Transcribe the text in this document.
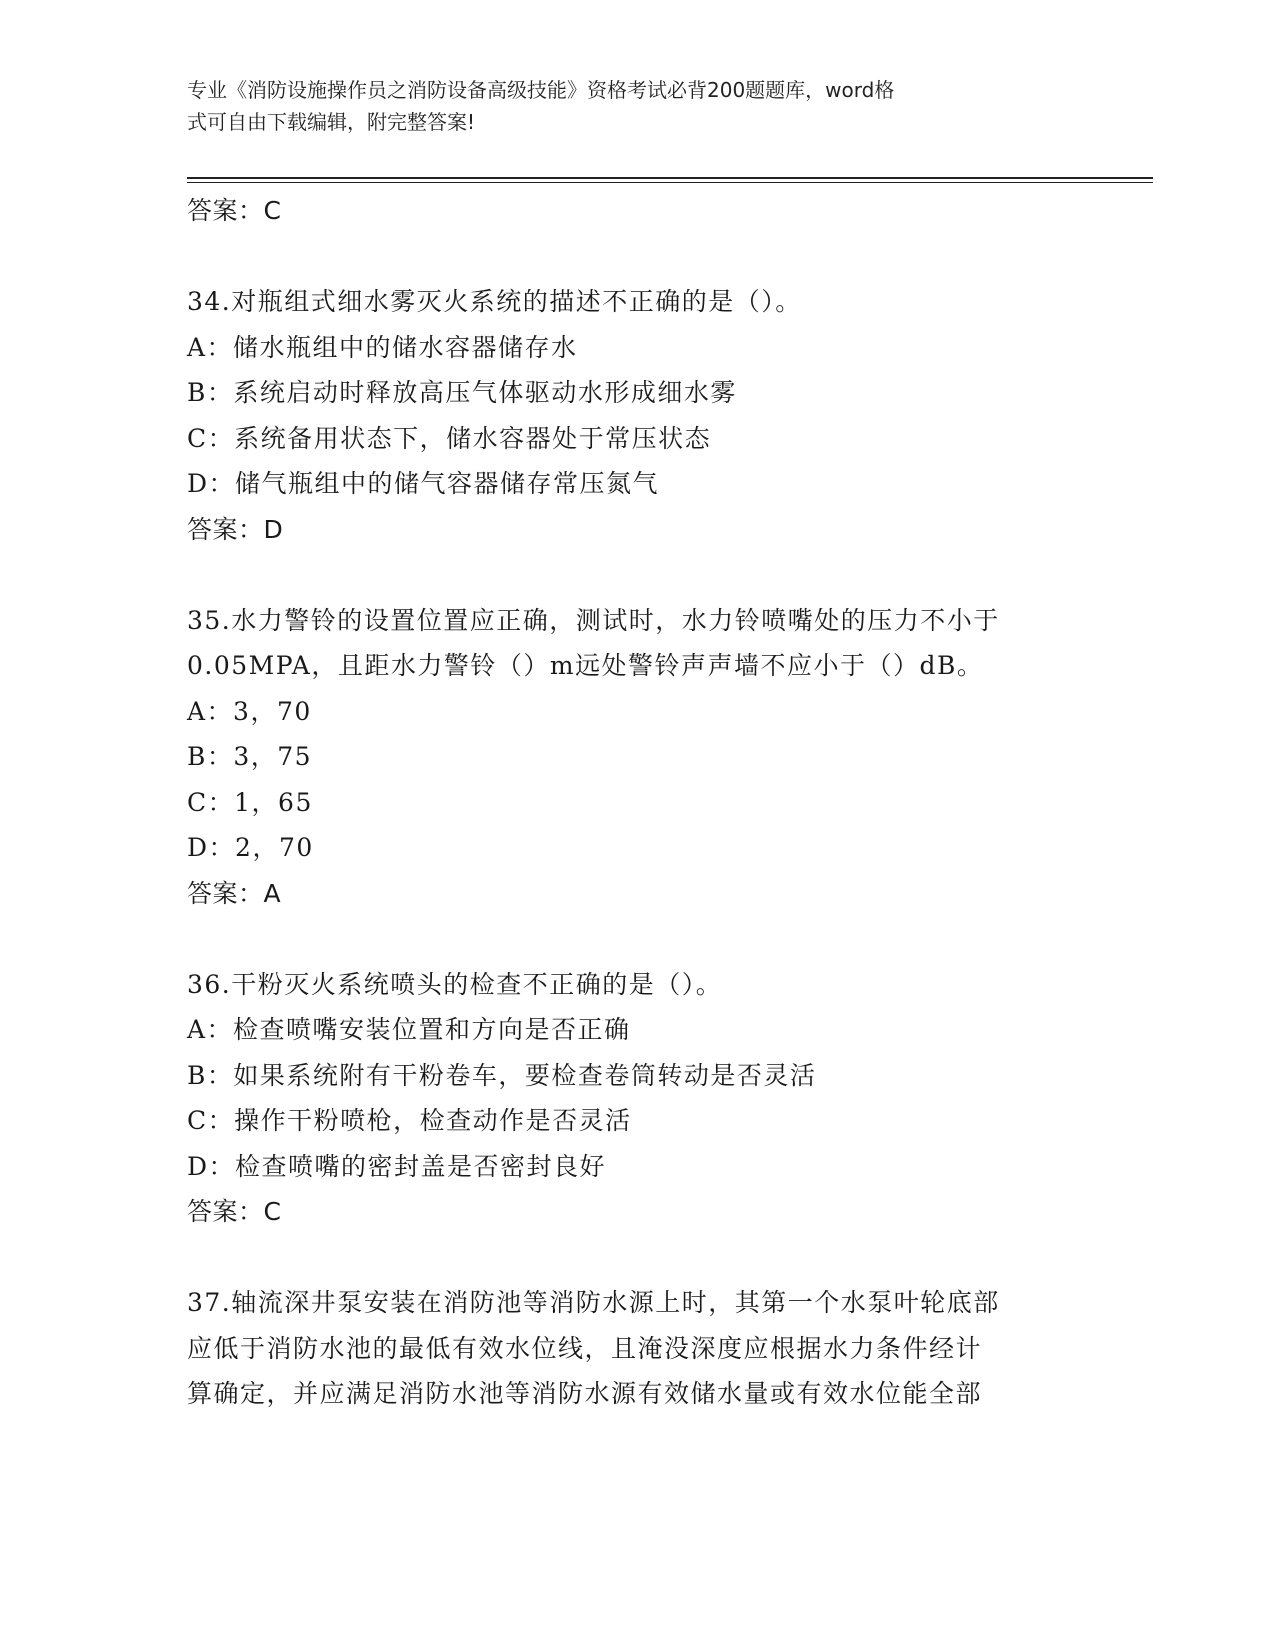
专业《消防设施操作员之消防设备高级技能》资格考试必背200题题库，word格
式可自由下载编辑，附完整答案!
答案：C
34.对瓶组式细水雾灭火系统的描述不正确的是（）。
A：储水瓶组中的储水容器储存水
B：系统启动时释放高压气体驱动水形成细水雾
C：系统备用状态下，储水容器处于常压状态
D：储气瓶组中的储气容器储存常压氮气
答案：D
35.水力警铃的设置位置应正确，测试时，水力铃喷嘴处的压力不小于
0.05MPA，且距水力警铃（）m远处警铃声声墙不应小于（）dB。
A：3，70
B：3，75
C：1，65
D：2，70
答案：A
36.干粉灭火系统喷头的检查不正确的是（）。
A：检查喷嘴安装位置和方向是否正确
B：如果系统附有干粉卷车，要检查卷筒转动是否灵活
C：操作干粉喷枪，检查动作是否灵活
D：检查喷嘴的密封盖是否密封良好
答案：C
37.轴流深井泵安装在消防池等消防水源上时，其第一个水泵叶轮底部
应低于消防水池的最低有效水位线，且淹没深度应根据水力条件经计
算确定，并应满足消防水池等消防水源有效储水量或有效水位能全部
